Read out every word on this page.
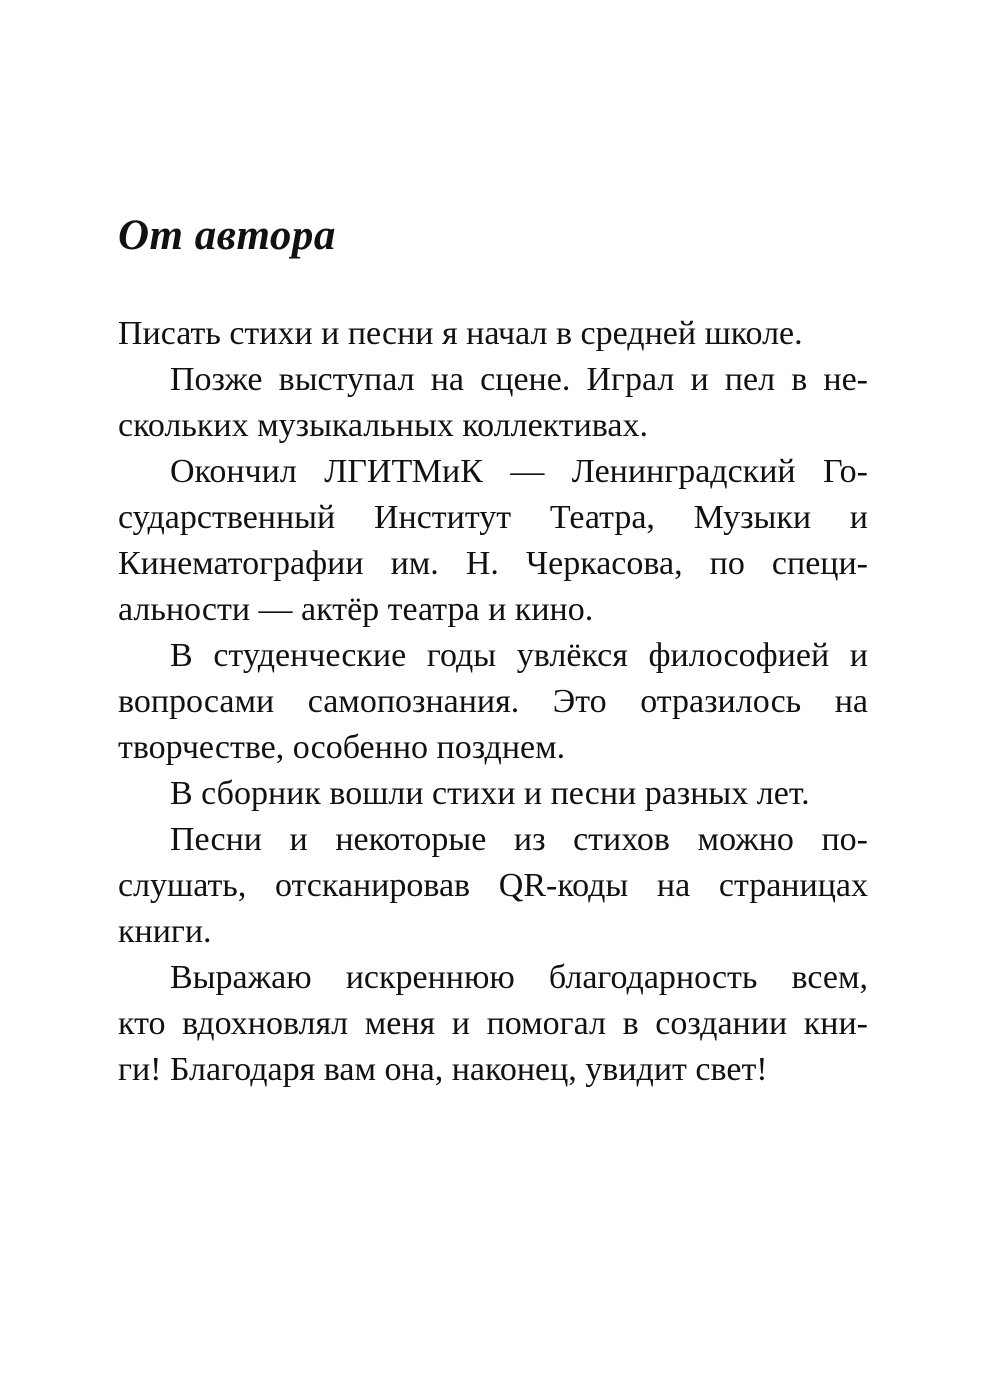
От автора
Писать стихи и песни я начал в средней школе.
Позже выступал на сцене. Играл и пел в не-
скольких музыкальных коллективах.
Окончил ЛГИТМиК — Ленинградский Го-
сударственный Институт Театра, Музыки и
Кинематографии им. Н. Черкасова, по специ-
альности — актёр театра и кино.
В студенческие годы увлёкся философией и
вопросами самопознания. Это отразилось на
творчестве, особенно позднем.
В сборник вошли стихи и песни разных лет.
Песни и некоторые из стихов можно по-
слушать, отсканировав QR-коды на страницах
книги.
Выражаю искреннюю благодарность всем,
кто вдохновлял меня и помогал в создании кни-
ги! Благодаря вам она, наконец, увидит свет!
